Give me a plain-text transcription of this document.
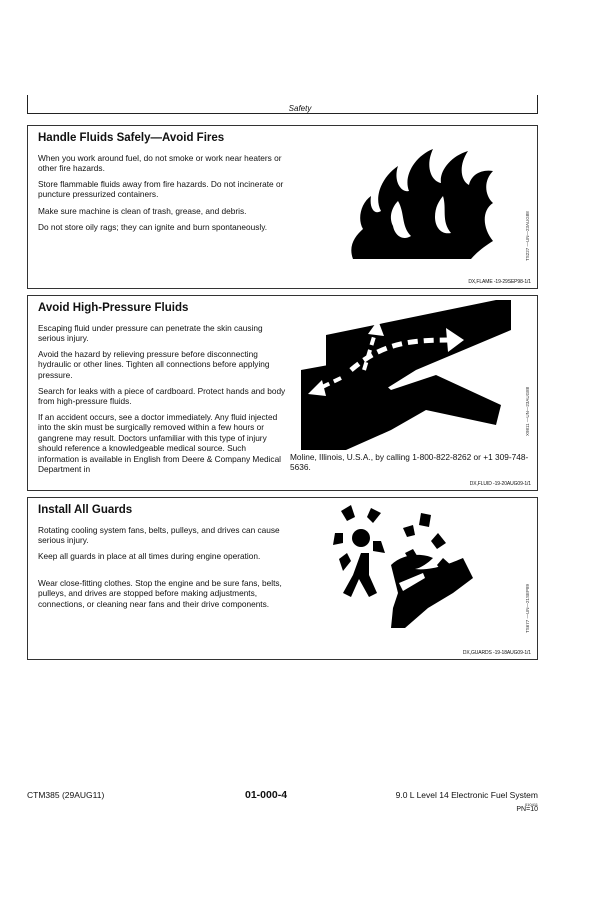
Safety
Handle Fluids Safely—Avoid Fires

When you work around fuel, do not smoke or work near heaters or other fire hazards.

Store flammable fluids away from fire hazards. Do not incinerate or puncture pressurized containers.

Make sure machine is clean of trash, grease, and debris.

Do not store oily rags; they can ignite and burn spontaneously.	TS227 —UN—23AUG88
DX,FLAME -19-29SEP98-1/1
Avoid High-Pressure Fluids

Escaping fluid under pressure can penetrate the skin causing serious injury.

Avoid the hazard by relieving pressure before disconnecting hydraulic or other lines. Tighten all connections before applying pressure.

Search for leaks with a piece of cardboard. Protect hands and body from high-pressure fluids.

If an accident occurs, see a doctor immediately. Any fluid injected into the skin must be surgically removed within a few hours or gangrene may result. Doctors unfamiliar with this type of injury should reference a knowledgeable medical source. Such information is available in English from Deere & Company Medical Department in

Moline, Illinois, U.S.A., by calling 1-800-822-8262 or +1 309-748-5636.

X9811 —UN—23AUG88
DX,FLUID -19-20AUG09-1/1
Install All Guards

Rotating cooling system fans, belts, pulleys, and drives can cause serious injury.

Keep all guards in place at all times during engine operation.

Wear close-fitting clothes. Stop the engine and be sure fans, belts, pulleys, and drives are stopped before making adjustments, connections, or cleaning near fans and their drive components.	TS677 —UN—21SEP89
DX,GUARDS -19-18AUG09-1/1
CTM385 (29AUG11)	01-000-4	9.0 L Level 14 Electronic Fuel System
010411
PN=10
